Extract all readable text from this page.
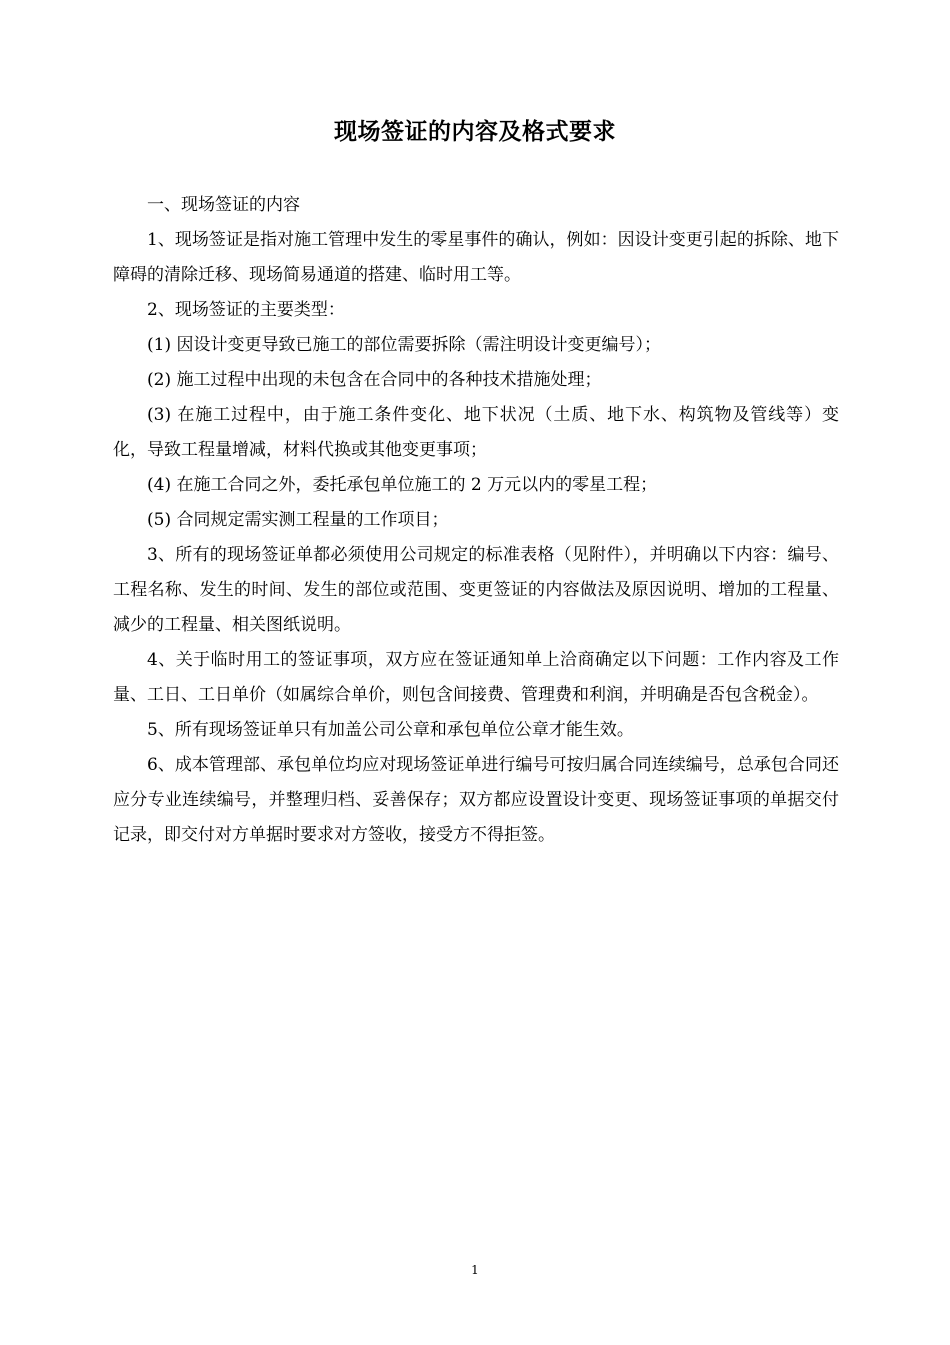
现场签证的内容及格式要求

一、现场签证的内容

1、现场签证是指对施工管理中发生的零星事件的确认，例如：因设计变更引起的拆除、地下障碍的清除迁移、现场简易通道的搭建、临时用工等。

2、现场签证的主要类型：

(1) 因设计变更导致已施工的部位需要拆除（需注明设计变更编号）；

(2) 施工过程中出现的未包含在合同中的各种技术措施处理；

(3) 在施工过程中，由于施工条件变化、地下状况（土质、地下水、构筑物及管线等）变化，导致工程量增减，材料代换或其他变更事项；

(4) 在施工合同之外，委托承包单位施工的 2 万元以内的零星工程；

(5) 合同规定需实测工程量的工作项目；

3、所有的现场签证单都必须使用公司规定的标准表格（见附件），并明确以下内容：编号、工程名称、发生的时间、发生的部位或范围、变更签证的内容做法及原因说明、增加的工程量、减少的工程量、相关图纸说明。

4、关于临时用工的签证事项，双方应在签证通知单上洽商确定以下问题：工作内容及工作量、工日、工日单价（如属综合单价，则包含间接费、管理费和利润，并明确是否包含税金）。

5、所有现场签证单只有加盖公司公章和承包单位公章才能生效。

6、成本管理部、承包单位均应对现场签证单进行编号可按归属合同连续编号，总承包合同还应分专业连续编号，并整理归档、妥善保存；双方都应设置设计变更、现场签证事项的单据交付记录，即交付对方单据时要求对方签收，接受方不得拒签。

1
